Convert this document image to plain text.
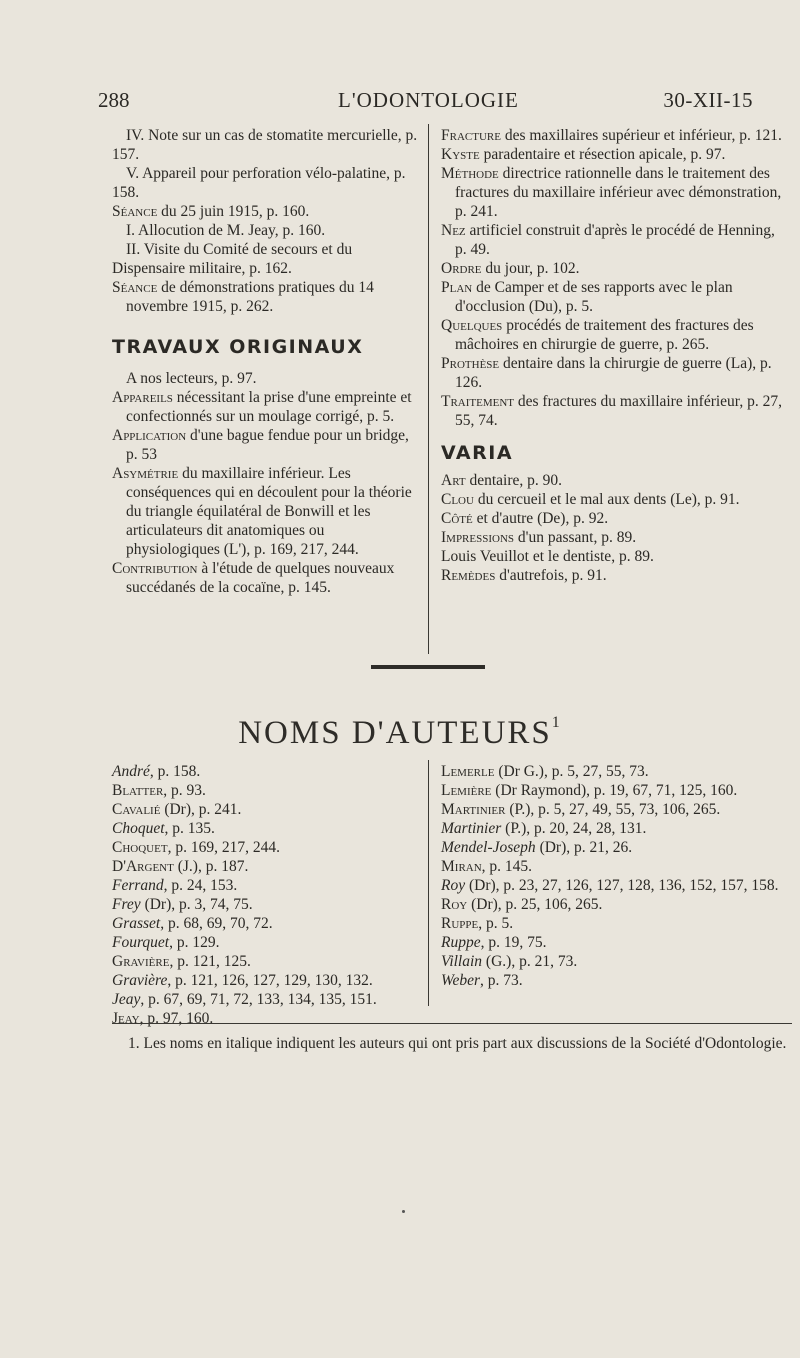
288	L'ODONTOLOGIE	30-XII-15

IV. Note sur un cas de stomatite mercurielle, p. 157.

V. Appareil pour perforation vélo-palatine, p. 158.

Séance du 25 juin 1915, p. 160.

I. Allocution de M. Jeay, p. 160.

II. Visite du Comité de secours et du Dispensaire militaire, p. 162.

Séance de démonstrations pratiques du 14 novembre 1915, p. 262.

TRAVAUX ORIGINAUX

A nos lecteurs, p. 97.

Appareils nécessitant la prise d'une empreinte et confectionnés sur un moulage corrigé, p. 5.

Application d'une bague fendue pour un bridge, p. 53

Asymétrie du maxillaire inférieur. Les conséquences qui en découlent pour la théorie du triangle équilatéral de Bonwill et les articulateurs dit anatomiques ou physiologiques (L'), p. 169, 217, 244.

Contribution à l'étude de quelques nouveaux succédanés de la cocaïne, p. 145.

Fracture des maxillaires supérieur et inférieur, p. 121.

Kyste paradentaire et résection apicale, p. 97.

Méthode directrice rationnelle dans le traitement des fractures du maxillaire inférieur avec démonstration, p. 241.

Nez artificiel construit d'après le procédé de Henning, p. 49.

Ordre du jour, p. 102.

Plan de Camper et de ses rapports avec le plan d'occlusion (Du), p. 5.

Quelques procédés de traitement des fractures des mâchoires en chirurgie de guerre, p. 265.

Prothèse dentaire dans la chirurgie de guerre (La), p. 126.

Traitement des fractures du maxillaire inférieur, p. 27, 55, 74.

VARIA

Art dentaire, p. 90.

Clou du cercueil et le mal aux dents (Le), p. 91.

Côté et d'autre (De), p. 92.

Impressions d'un passant, p. 89.

Louis Veuillot et le dentiste, p. 89.

Remèdes d'autrefois, p. 91.

NOMS D'AUTEURS$^1$

André, p. 158.

Blatter, p. 93.

Cavalié (Dr), p. 241.

Choquet, p. 135.

Choquet, p. 169, 217, 244.

D'Argent (J.), p. 187.

Ferrand, p. 24, 153.

Frey (Dr), p. 3, 74, 75.

Grasset, p. 68, 69, 70, 72.

Fourquet, p. 129.

Gravière, p. 121, 125.

Gravière, p. 121, 126, 127, 129, 130, 132.

Jeay, p. 67, 69, 71, 72, 133, 134, 135, 151.

Jeay, p. 97, 160.

Lemerle (Dr G.), p. 5, 27, 55, 73.

Lemière (Dr Raymond), p. 19, 67, 71, 125, 160.

Martinier (P.), p. 5, 27, 49, 55, 73, 106, 265.

Martinier (P.), p. 20, 24, 28, 131.

Mendel-Joseph (Dr), p. 21, 26.

Miran, p. 145.

Roy (Dr), p. 23, 27, 126, 127, 128, 136, 152, 157, 158.

Roy (Dr), p. 25, 106, 265.

Ruppe, p. 5.

Ruppe, p. 19, 75.

Villain (G.), p. 21, 73.

Weber, p. 73.

1. Les noms en italique indiquent les auteurs qui ont pris part aux discussions de la Société d'Odontologie.
